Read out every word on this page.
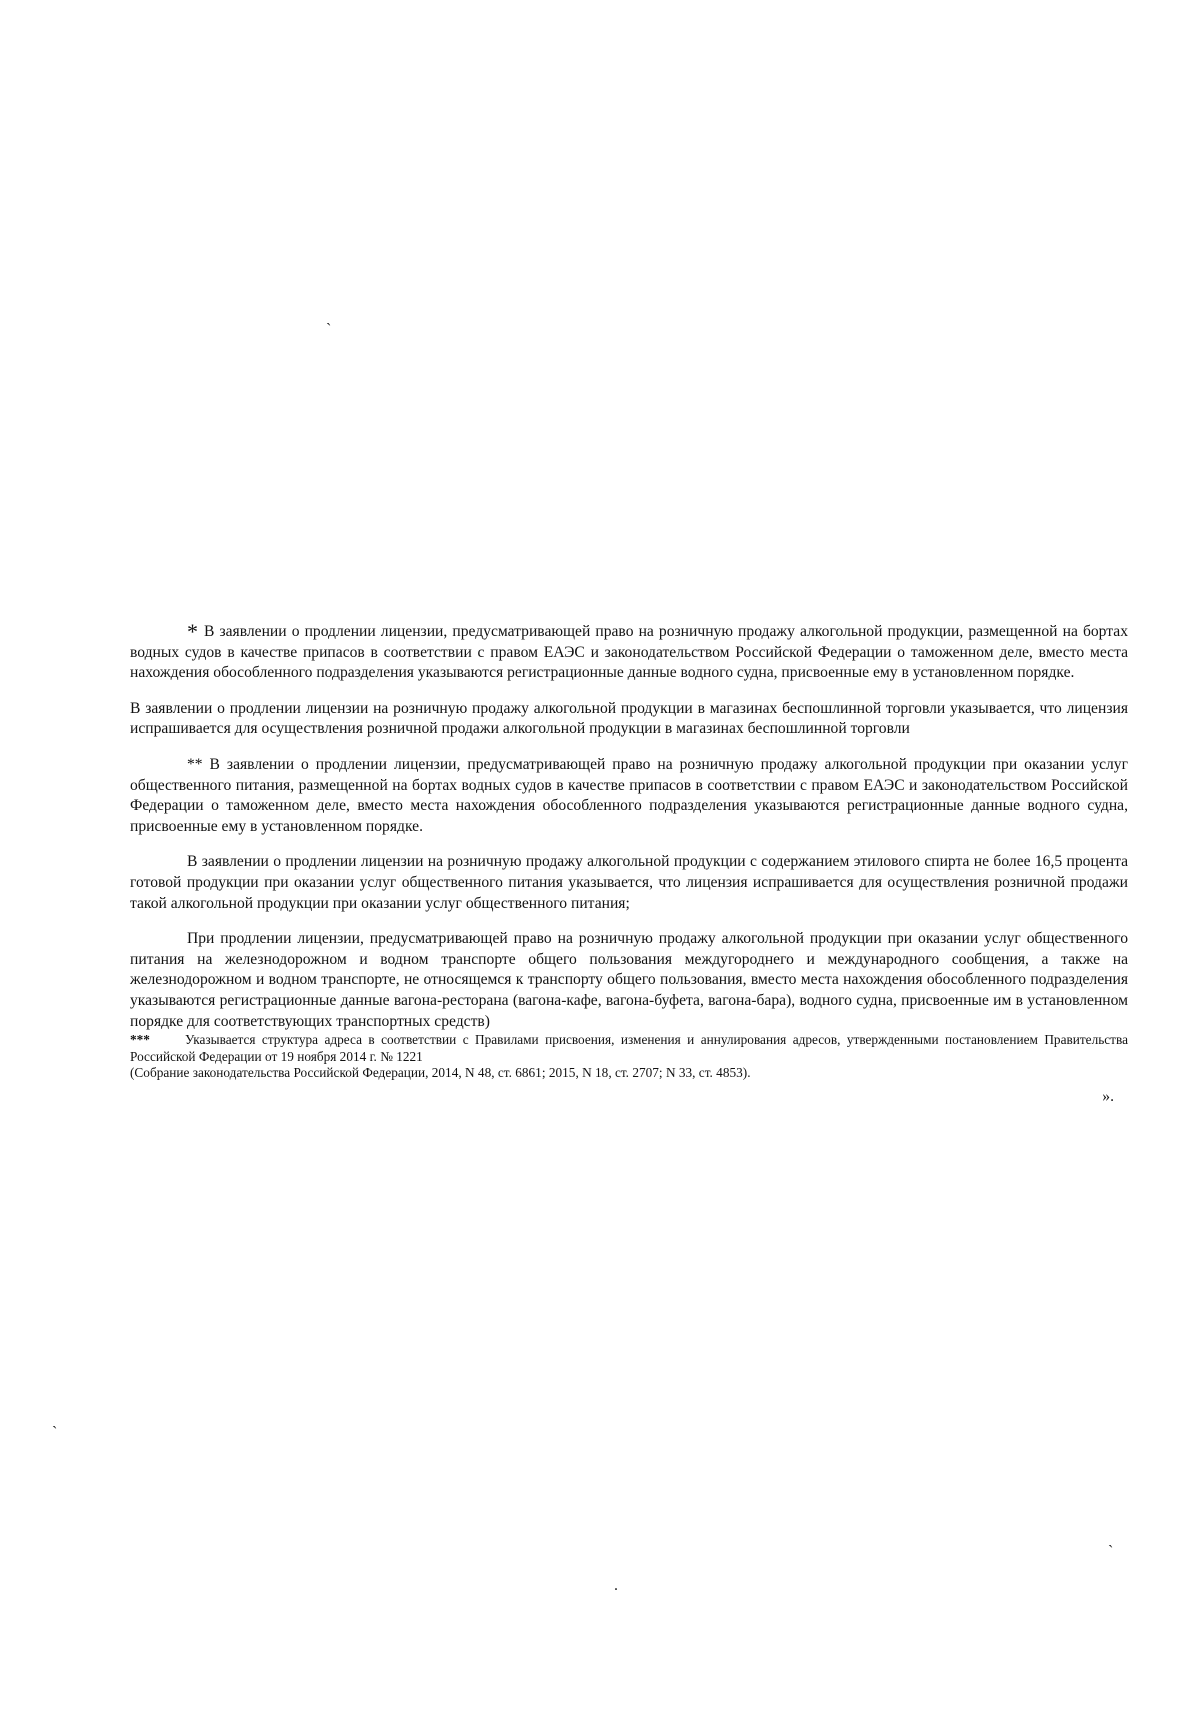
`

* В заявлении о продлении лицензии, предусматривающей право на розничную продажу алкогольной продукции, размещенной на бортах водных судов в качестве припасов в соответствии с правом ЕАЭС и законодательством Российской Федерации о таможенном деле, вместо места нахождения обособленного подразделения указываются регистрационные данные водного судна, присвоенные ему в установленном порядке.

В заявлении о продлении лицензии на розничную продажу алкогольной продукции в магазинах беспошлинной торговли указывается, что лицензия испрашивается для осуществления розничной продажи алкогольной продукции в магазинах беспошлинной торговли

** В заявлении о продлении лицензии, предусматривающей право на розничную продажу алкогольной продукции при оказании услуг общественного питания, размещенной на бортах водных судов в качестве припасов в соответствии с правом ЕАЭС и законодательством Российской Федерации о таможенном деле, вместо места нахождения обособленного подразделения указываются регистрационные данные водного судна, присвоенные ему в установленном порядке.

В заявлении о продлении лицензии на розничную продажу алкогольной продукции с содержанием этилового спирта не более 16,5 процента готовой продукции при оказании услуг общественного питания указывается, что лицензия испрашивается для осуществления розничной продажи такой алкогольной продукции при оказании услуг общественного питания;

При продлении лицензии, предусматривающей право на розничную продажу алкогольной продукции при оказании услуг общественного питания на железнодорожном и водном транспорте общего пользования междугороднего и международного сообщения, а также на железнодорожном и водном транспорте, не относящемся к транспорту общего пользования, вместо места нахождения обособленного подразделения указываются регистрационные данные вагона-ресторана (вагона-кафе, вагона-буфета, вагона-бара), водного судна, присвоенные им в установленном порядке для соответствующих транспортных средств)

***	Указывается структура адреса в соответствии с Правилами присвоения, изменения и аннулирования адресов, утвержденными постановлением Правительства Российской Федерации от 19 ноября 2014 г. № 1221

(Собрание законодательства Российской Федерации, 2014, N 48, ст. 6861; 2015, N 18, ст. 2707; N 33, ст. 4853).

».

`
`
.
